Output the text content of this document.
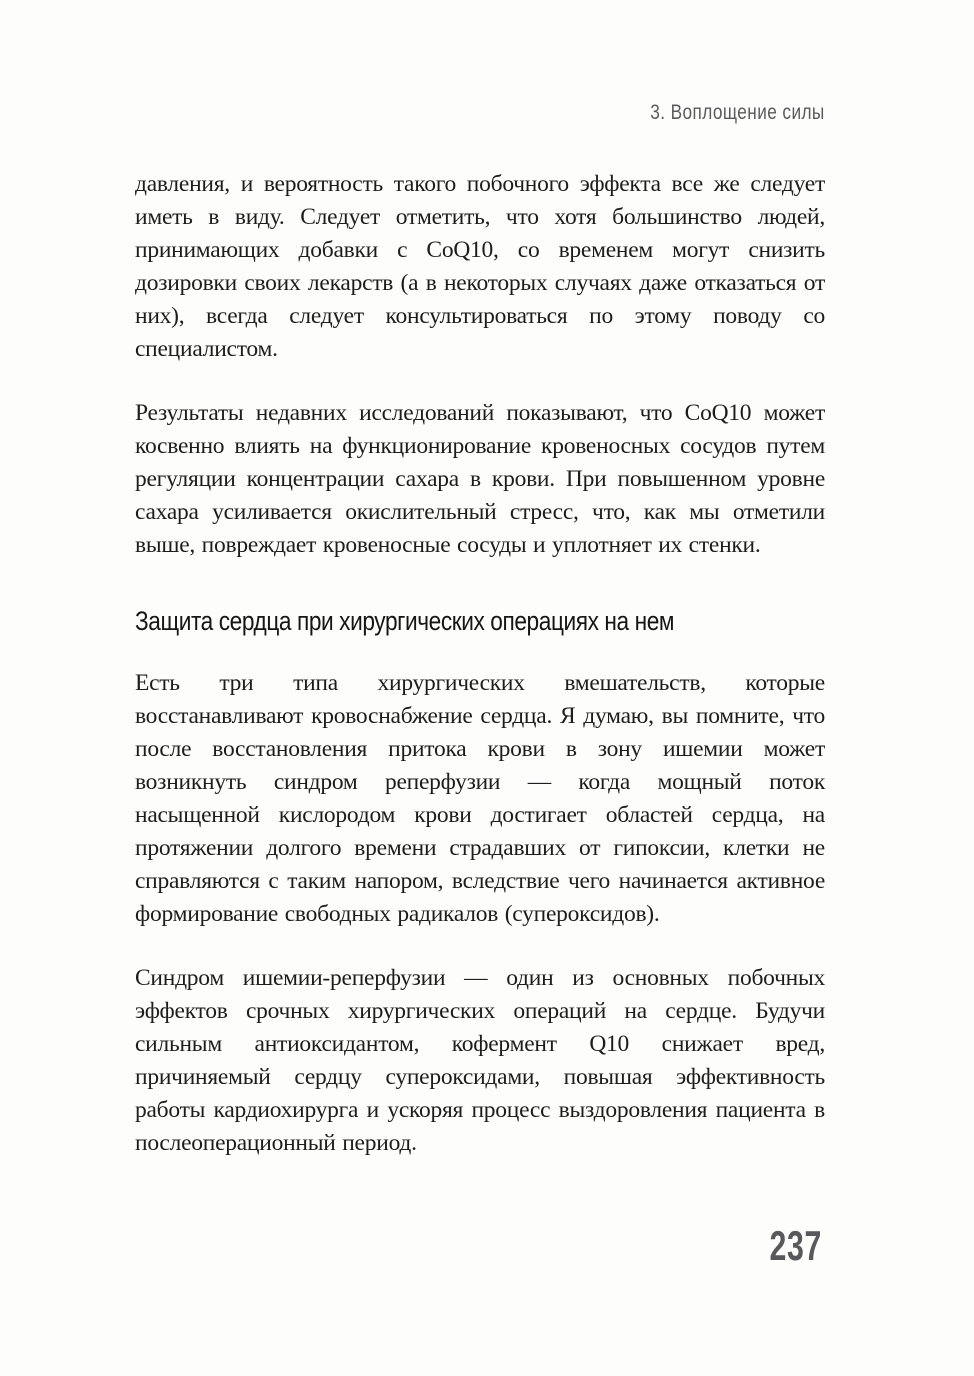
3. Воплощение силы

давления, и вероятность такого побочного эффекта все же следует иметь в виду. Следует отметить, что хотя большинство людей, принимающих добавки с CoQ10, со временем могут снизить дозировки своих лекарств (а в некоторых случаях даже отказаться от них), всегда следует консультироваться по этому поводу со специалистом.

Результаты недавних исследований показывают, что CoQ10 может косвенно влиять на функционирование кровеносных сосудов путем регуляции концентрации сахара в крови. При повышенном уровне сахара усиливается окислительный стресс, что, как мы отметили выше, повреждает кровеносные сосуды и уплотняет их стенки.

Защита сердца при хирургических операциях на нем

Есть три типа хирургических вмешательств, которые восстанавливают кровоснабжение сердца. Я думаю, вы помните, что после восстановления притока крови в зону ишемии может возникнуть синдром реперфузии — когда мощный поток насыщенной кислородом крови достигает областей сердца, на протяжении долгого времени страдавших от гипоксии, клетки не справляются с таким напором, вследствие чего начинается активное формирование свободных радикалов (супероксидов).

Синдром ишемии-реперфузии — один из основных побочных эффектов срочных хирургических операций на сердце. Будучи сильным антиоксидантом, кофермент Q10 снижает вред, причиняемый сердцу супероксидами, повышая эффективность работы кардиохирурга и ускоряя процесс выздоровления пациента в послеоперационный период.

237
